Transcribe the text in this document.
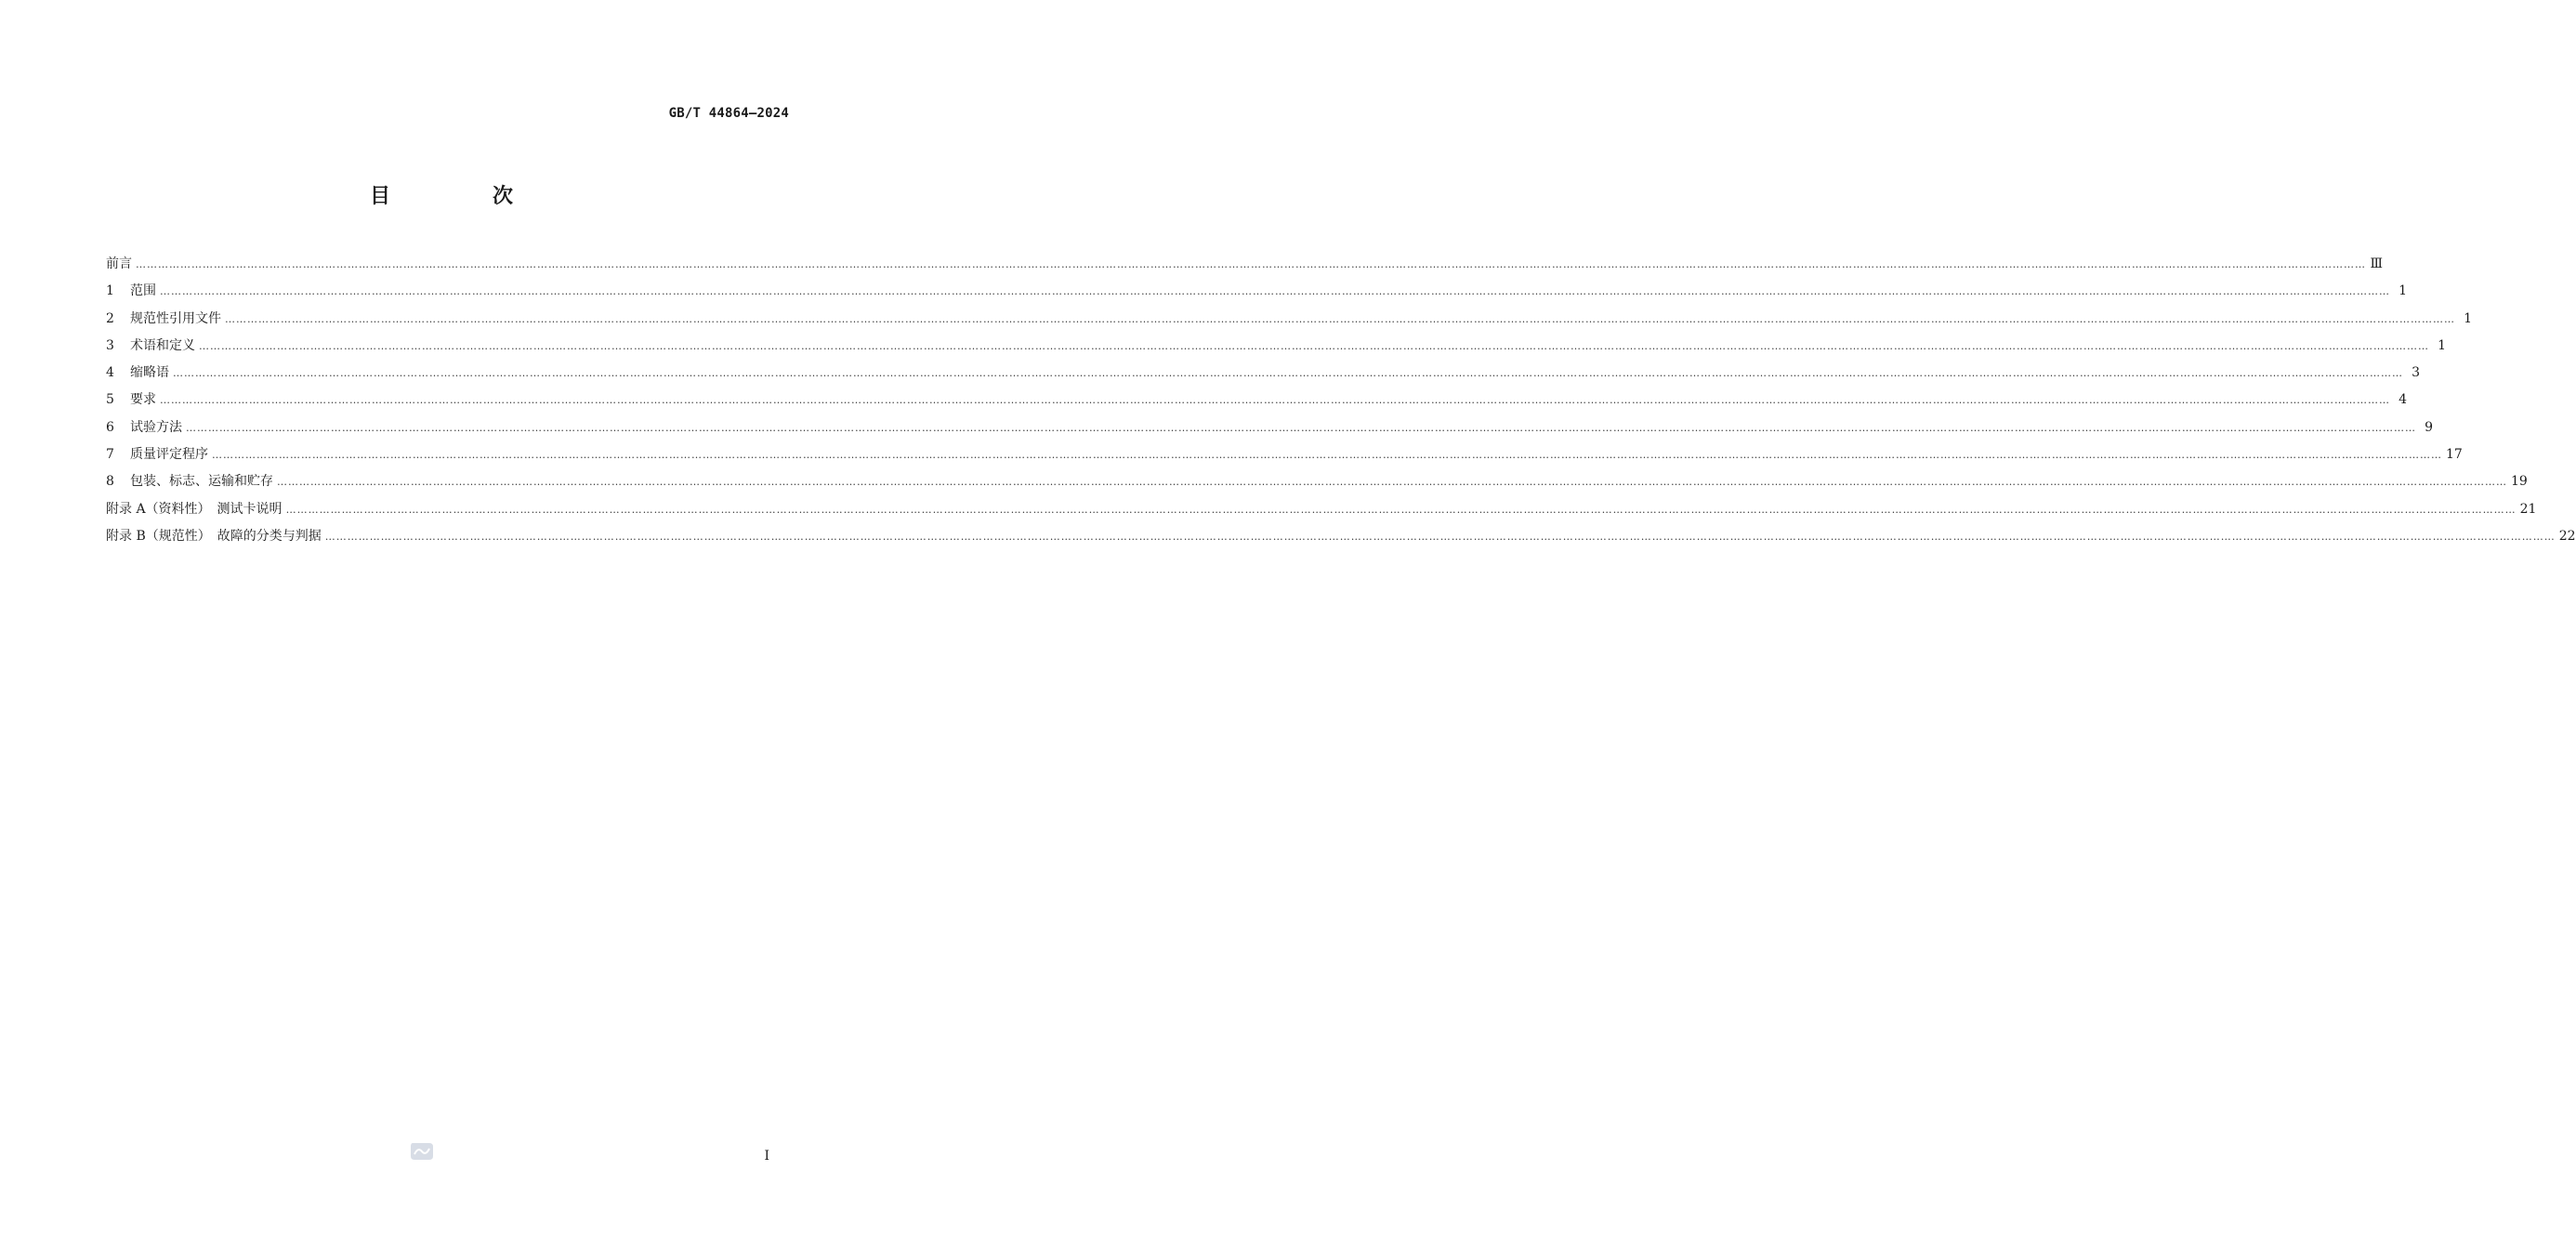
GB/T 44864—2024
目　次
前言 …………………………………………………………………………………………………………………………………………………………………………………………………………………………………………………………………………………………………………………………………………………………………………………………………………………………………………………………………………………………………………………………………………………… Ⅲ
1	范围 …………………………………………………………………………………………………………………………………………………………………………………………………………………………………………………………………………………………………………………………………………………………………………………………………………………………………………………………………………………………………………………………………………………… 1
2	规范性引用文件 …………………………………………………………………………………………………………………………………………………………………………………………………………………………………………………………………………………………………………………………………………………………………………………………………………………………………………………………………………………………………………………………………………………… 1
3	术语和定义 …………………………………………………………………………………………………………………………………………………………………………………………………………………………………………………………………………………………………………………………………………………………………………………………………………………………………………………………………………………………………………………………………………………… 1
4	缩略语 …………………………………………………………………………………………………………………………………………………………………………………………………………………………………………………………………………………………………………………………………………………………………………………………………………………………………………………………………………………………………………………………………………………… 3
5	要求 …………………………………………………………………………………………………………………………………………………………………………………………………………………………………………………………………………………………………………………………………………………………………………………………………………………………………………………………………………………………………………………………………………………… 4
6	试验方法 …………………………………………………………………………………………………………………………………………………………………………………………………………………………………………………………………………………………………………………………………………………………………………………………………………………………………………………………………………………………………………………………………………………… 9
7	质量评定程序 …………………………………………………………………………………………………………………………………………………………………………………………………………………………………………………………………………………………………………………………………………………………………………………………………………………………………………………………………………………………………………………………………………………… 17
8	包装、标志、运输和贮存 …………………………………………………………………………………………………………………………………………………………………………………………………………………………………………………………………………………………………………………………………………………………………………………………………………………………………………………………………………………………………………………………………………………… 19
附录 A（资料性）　测试卡说明 …………………………………………………………………………………………………………………………………………………………………………………………………………………………………………………………………………………………………………………………………………………………………………………………………………………………………………………………………………………………………………………………………………………… 21
附录 B（规范性）　故障的分类与判据 …………………………………………………………………………………………………………………………………………………………………………………………………………………………………………………………………………………………………………………………………………………………………………………………………………………………………………………………………………………………………………………………………………………… 22
Ⅰ
